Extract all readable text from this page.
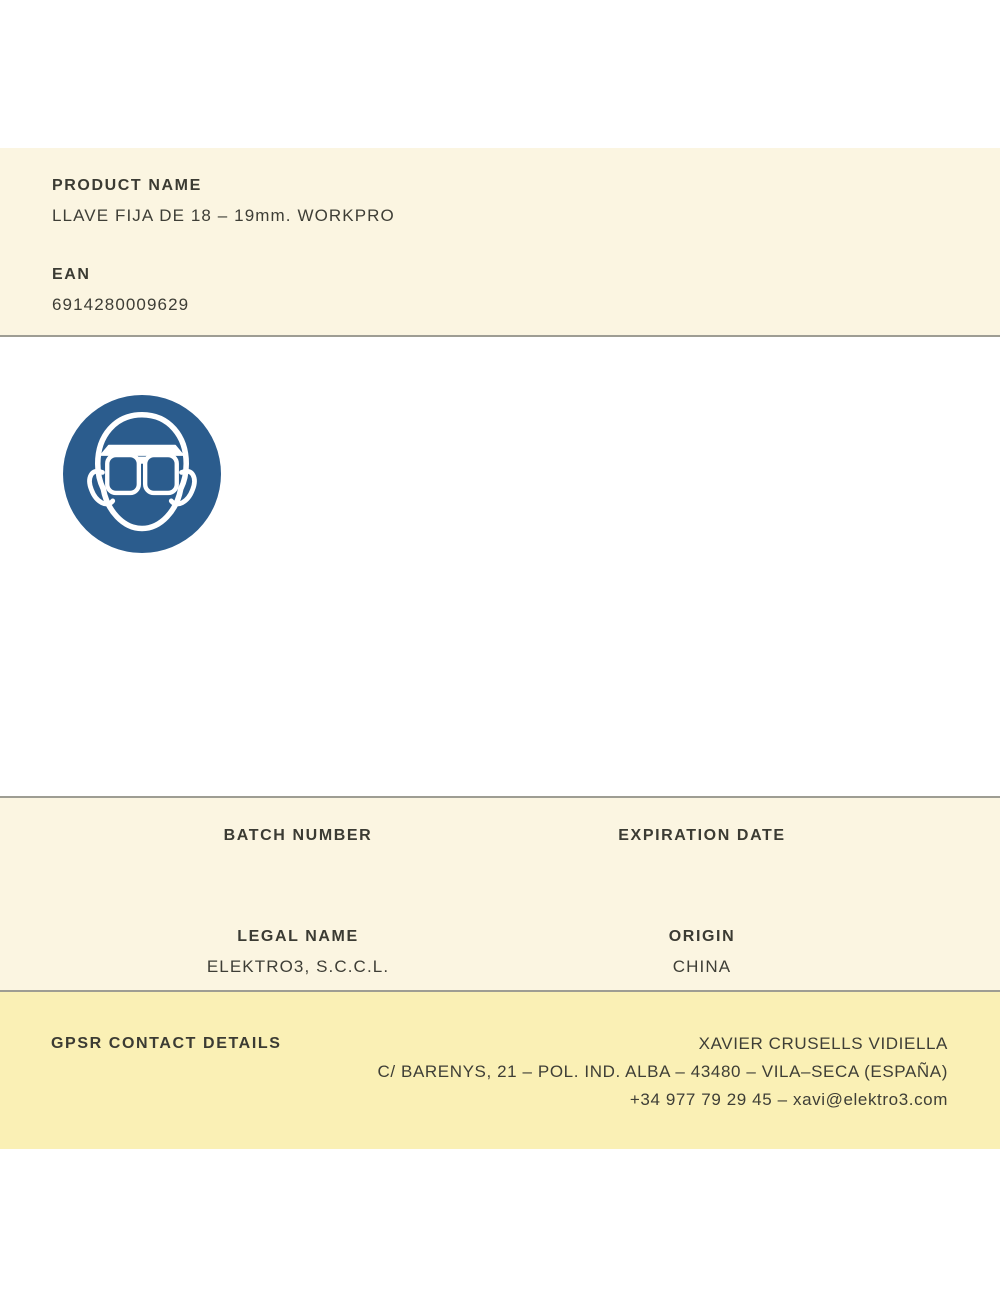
PRODUCT NAME
LLAVE FIJA DE 18 – 19mm. WORKPRO
EAN
6914280009629
BATCH NUMBER	EXPIRATION DATE
LEGAL NAME
ELEKTRO3, S.C.C.L.
ORIGIN
CHINA
GPSR CONTACT DETAILS	XAVIER CRUSELLS VIDIELLA
C/ BARENYS, 21 – POL. IND. ALBA – 43480 – VILA–SECA (ESPAÑA)
+34 977 79 29 45 – xavi@elektro3.com
